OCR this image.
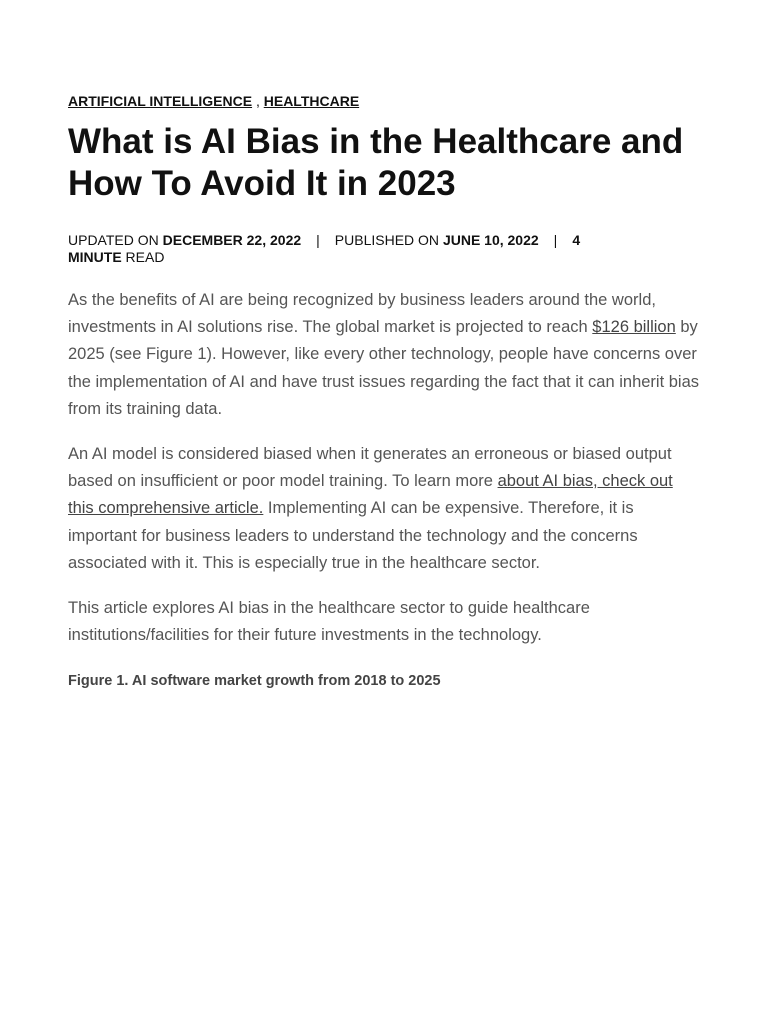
ARTIFICIAL INTELLIGENCE , HEALTHCARE
What is AI Bias in the Healthcare and How To Avoid It in 2023
UPDATED ON DECEMBER 22, 2022 | PUBLISHED ON JUNE 10, 2022 | 4 MINUTE READ

As the benefits of AI are being recognized by business leaders around the world, investments in AI solutions rise. The global market is projected to reach $126 billion by 2025 (see Figure 1). However, like every other technology, people have concerns over the implementation of AI and have trust issues regarding the fact that it can inherit bias from its training data.

An AI model is considered biased when it generates an erroneous or biased output based on insufficient or poor model training. To learn more about AI bias, check out this comprehensive article. Implementing AI can be expensive. Therefore, it is important for business leaders to understand the technology and the concerns associated with it. This is especially true in the healthcare sector.

This article explores AI bias in the healthcare sector to guide healthcare institutions/facilities for their future investments in the technology.

Figure 1. AI software market growth from 2018 to 2025
